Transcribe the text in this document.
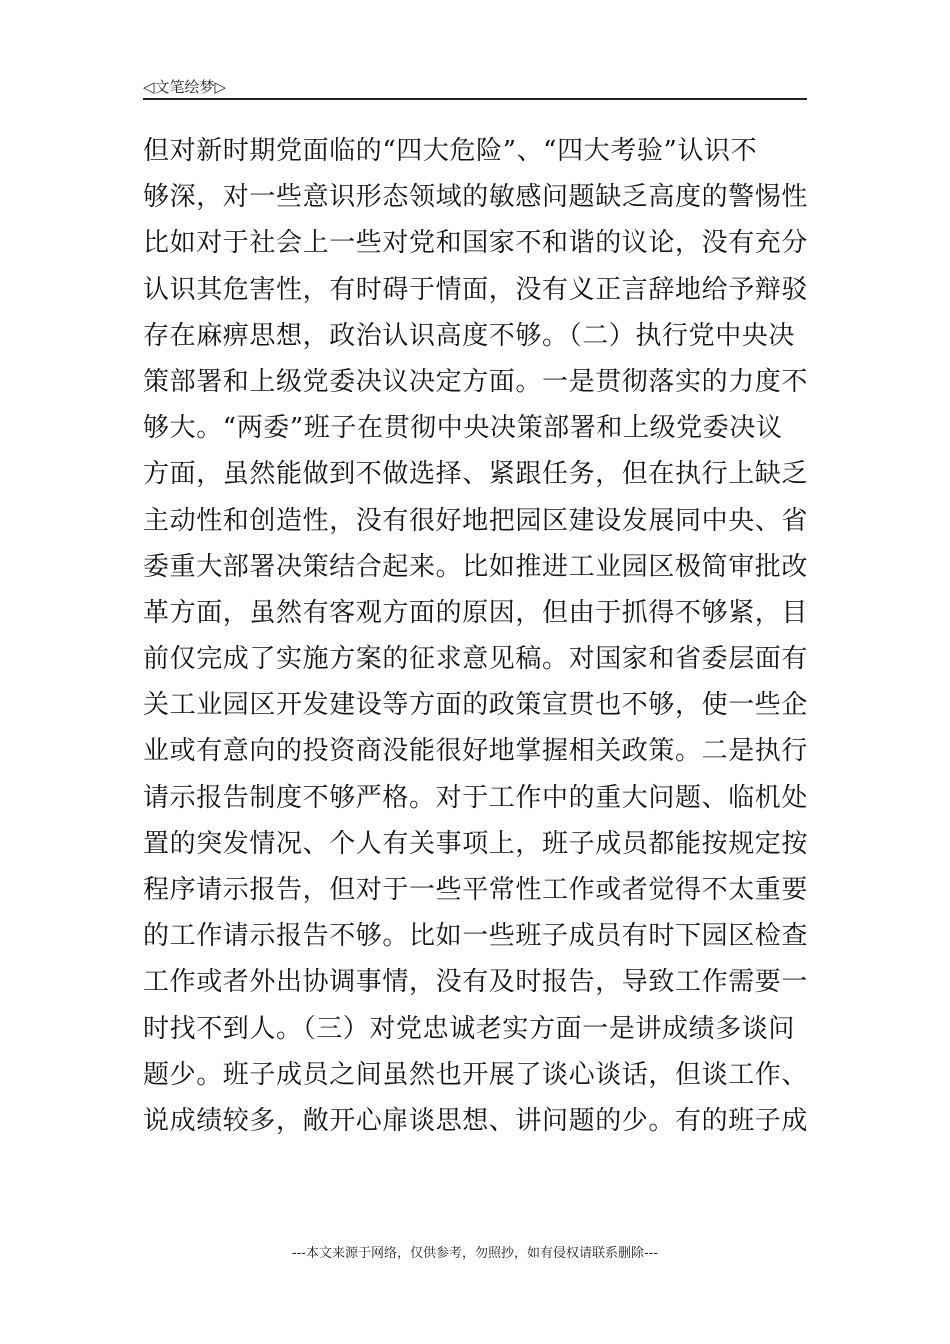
◁文笔绘梦▷
但对新时期党面临的“四大危险”、“四大考验”认识不
够深，对一些意识形态领域的敏感问题缺乏高度的警惕性
比如对于社会上一些对党和国家不和谐的议论，没有充分
认识其危害性，有时碍于情面，没有义正言辞地给予辩驳
存在麻痹思想，政治认识高度不够。（二）执行党中央决
策部署和上级党委决议决定方面。一是贯彻落实的力度不
够大。“两委”班子在贯彻中央决策部署和上级党委决议
方面，虽然能做到不做选择、紧跟任务，但在执行上缺乏
主动性和创造性，没有很好地把园区建设发展同中央、省
委重大部署决策结合起来。比如推进工业园区极简审批改
革方面，虽然有客观方面的原因，但由于抓得不够紧，目
前仅完成了实施方案的征求意见稿。对国家和省委层面有
关工业园区开发建设等方面的政策宣贯也不够，使一些企
业或有意向的投资商没能很好地掌握相关政策。二是执行
请示报告制度不够严格。对于工作中的重大问题、临机处
置的突发情况、个人有关事项上，班子成员都能按规定按
程序请示报告，但对于一些平常性工作或者觉得不太重要
的工作请示报告不够。比如一些班子成员有时下园区检查
工作或者外出协调事情，没有及时报告，导致工作需要一
时找不到人。（三）对党忠诚老实方面一是讲成绩多谈问
题少。班子成员之间虽然也开展了谈心谈话，但谈工作、
说成绩较多，敞开心扉谈思想、讲问题的少。有的班子成
---本文来源于网络，仅供参考，勿照抄，如有侵权请联系删除---
